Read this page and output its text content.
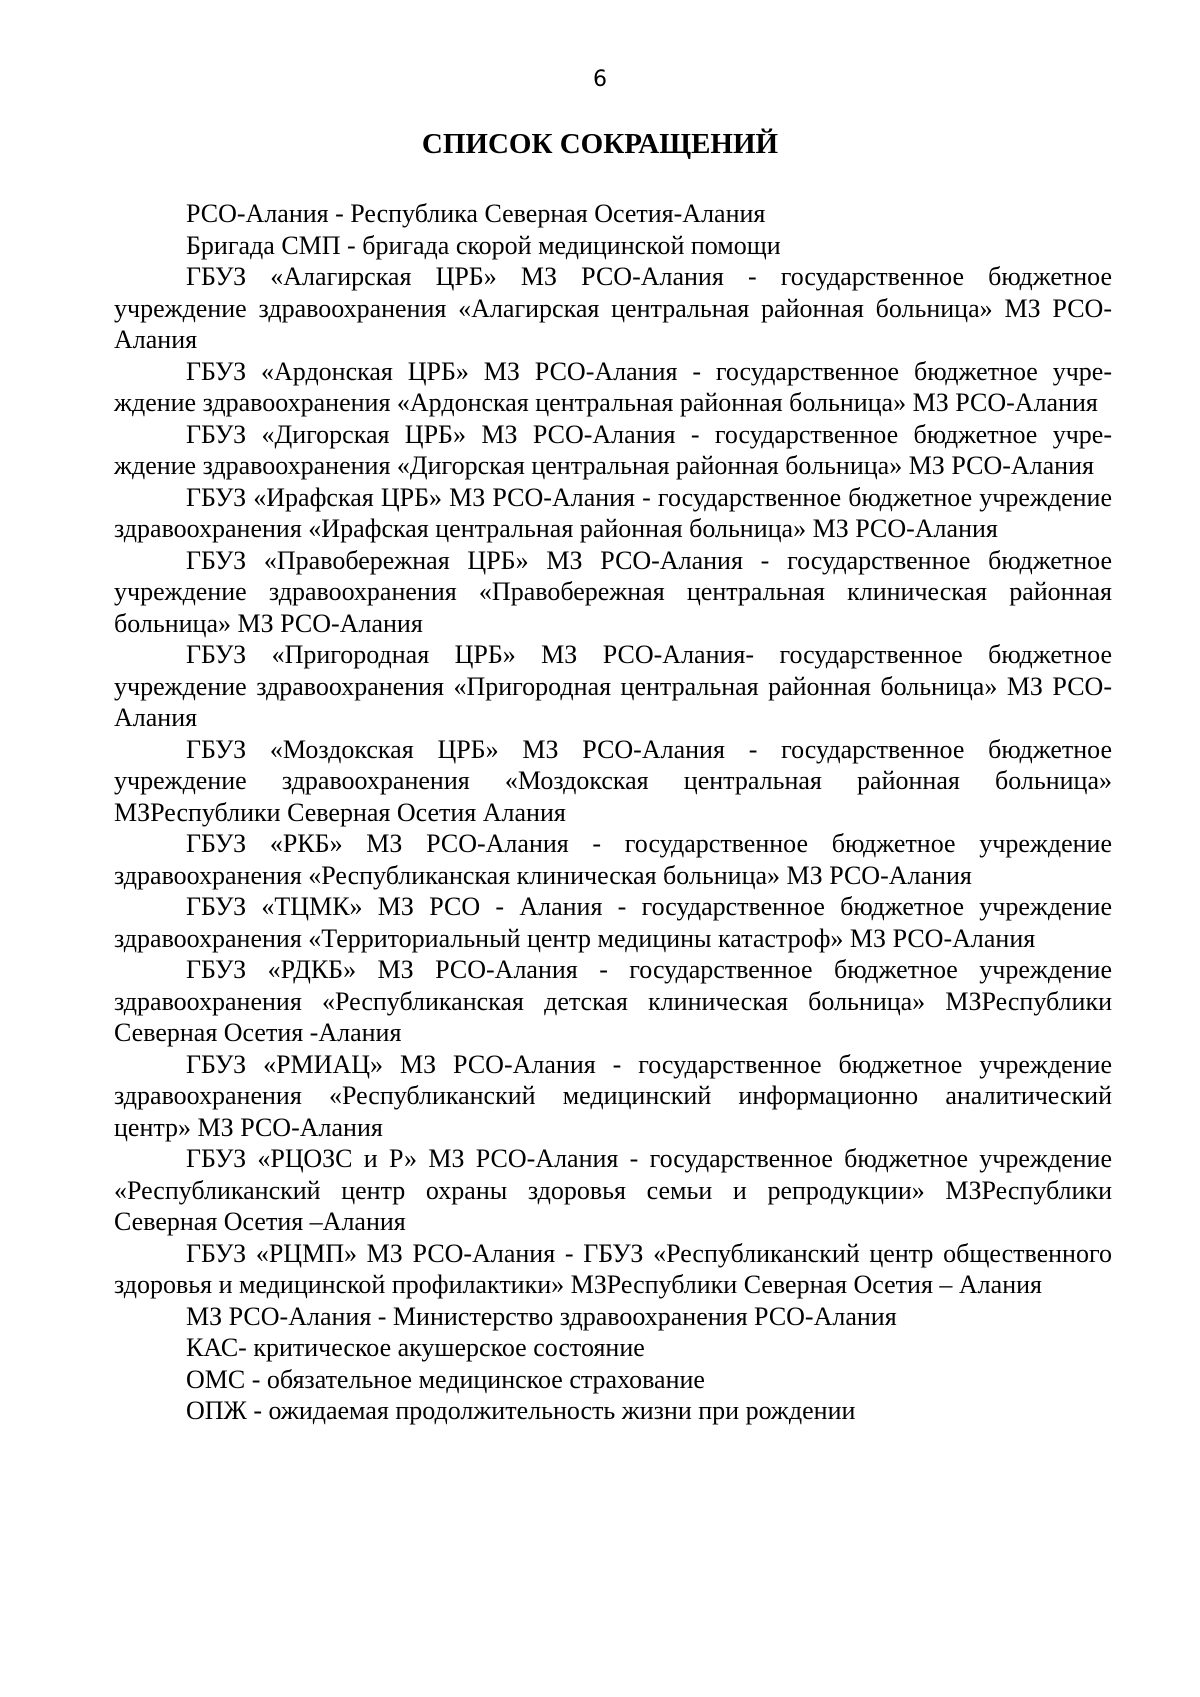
6
СПИСОК СОКРАЩЕНИЙ
РСО-Алания - Республика Северная Осетия-Алания
Бригада СМП - бригада скорой медицинской помощи
ГБУЗ «Алагирская ЦРБ» МЗ РСО-Алания - государственное бюджетное учреждение здравоохранения «Алагирская центральная районная больница» МЗ РСО-Алания
ГБУЗ «Ардонская ЦРБ» МЗ РСО-Алания - государственное бюджетное учреждение здравоохранения «Ардонская центральная районная больница» МЗ РСО-Алания
ГБУЗ «Дигорская ЦРБ» МЗ РСО-Алания - государственное бюджетное учреждение здравоохранения «Дигорская центральная районная больница» МЗ РСО-Алания
ГБУЗ «Ирафская ЦРБ» МЗ РСО-Алания - государственное бюджетное учреждение здравоохранения «Ирафская центральная районная больница» МЗ РСО-Алания
ГБУЗ «Правобережная ЦРБ» МЗ РСО-Алания - государственное бюджетное учреждение здравоохранения «Правобережная центральная клиническая районная больница» МЗ РСО-Алания
ГБУЗ «Пригородная ЦРБ» МЗ РСО-Алания- государственное бюджетное учреждение здравоохранения «Пригородная центральная районная больница» МЗ РСО-Алания
ГБУЗ «Моздокская ЦРБ» МЗ РСО-Алания - государственное бюджетное учреждение здравоохранения «Моздокская центральная районная больница» МЗРеспублики Северная Осетия Алания
ГБУЗ «РКБ» МЗ РСО-Алания - государственное бюджетное учреждение здравоохранения «Республиканская клиническая больница» МЗ РСО-Алания
ГБУЗ «ТЦМК» МЗ РСО - Алания - государственное бюджетное учреждение здравоохранения «Территориальный центр медицины катастроф» МЗ РСО-Алания
ГБУЗ «РДКБ» МЗ РСО-Алания - государственное бюджетное учреждение здравоохранения «Республиканская детская клиническая больница» МЗРеспублики Северная Осетия -Алания
ГБУЗ «РМИАЦ» МЗ РСО-Алания - государственное бюджетное учреждение здравоохранения «Республиканский медицинский информационно аналитический центр» МЗ РСО-Алания
ГБУЗ «РЦОЗС и Р» МЗ РСО-Алания - государственное бюджетное учреждение «Республиканский центр охраны здоровья семьи и репродукции» МЗРеспублики Северная Осетия –Алания
ГБУЗ «РЦМП» МЗ РСО-Алания - ГБУЗ «Республиканский центр общественного здоровья и медицинской профилактики» МЗРеспублики Северная Осетия – Алания
МЗ РСО-Алания - Министерство здравоохранения РСО-Алания
КАС- критическое акушерское состояние
ОМС - обязательное медицинское страхование
ОПЖ - ожидаемая продолжительность жизни при рождении
